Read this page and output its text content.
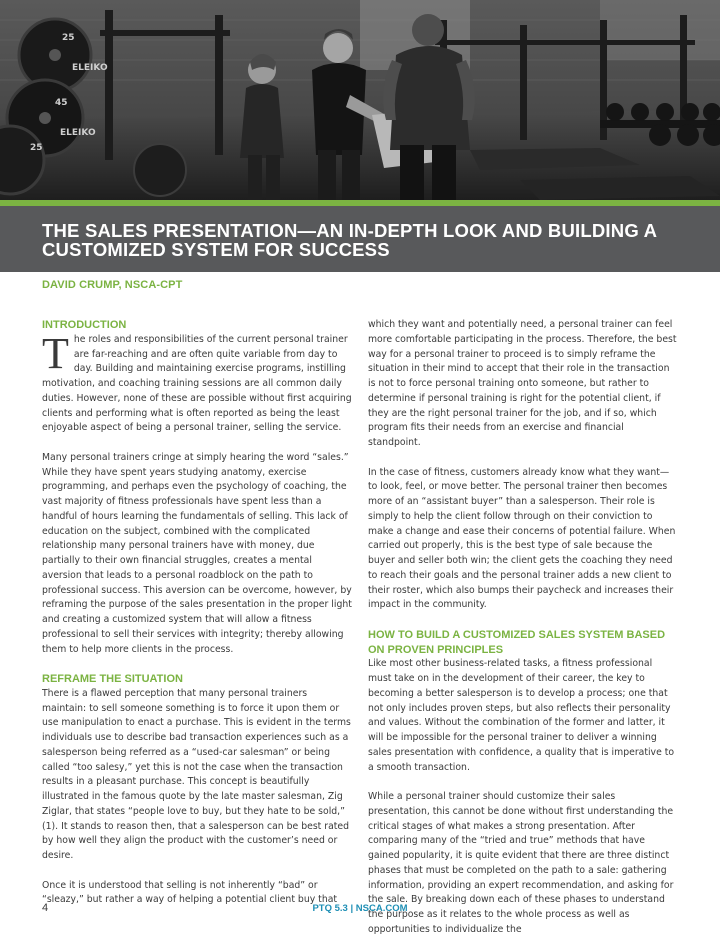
25
45
25
ELEIKO
ELEIKO
THE SALES PRESENTATION—AN IN-DEPTH LOOK AND BUILDING A CUSTOMIZED SYSTEM FOR SUCCESS
DAVID CRUMP, NSCA-CPT
INTRODUCTION

The roles and responsibilities of the current personal trainer are far-reaching and are often quite variable from day to day. Building and maintaining exercise programs, instilling motivation, and coaching training sessions are all common daily duties. However, none of these are possible without first acquiring clients and performing what is often reported as being the least enjoyable aspect of being a personal trainer, selling the service.

Many personal trainers cringe at simply hearing the word “sales.” While they have spent years studying anatomy, exercise programming, and perhaps even the psychology of coaching, the vast majority of fitness professionals have spent less than a handful of hours learning the fundamentals of selling. This lack of education on the subject, combined with the complicated relationship many personal trainers have with money, due partially to their own financial struggles, creates a mental aversion that leads to a personal roadblock on the path to professional success. This aversion can be overcome, however, by reframing the purpose of the sales presentation in the proper light and creating a customized system that will allow a fitness professional to sell their services with integrity; thereby allowing them to help more clients in the process.

REFRAME THE SITUATION

There is a flawed perception that many personal trainers maintain: to sell someone something is to force it upon them or use manipulation to enact a purchase. This is evident in the terms individuals use to describe bad transaction experiences such as a salesperson being referred as a “used-car salesman” or being called “too salesy,” yet this is not the case when the transaction results in a pleasant purchase. This concept is beautifully illustrated in the famous quote by the late master salesman, Zig Ziglar, that states “people love to buy, but they hate to be sold,” (1). It stands to reason then, that a salesperson can be best rated by how well they align the product with the customer’s need or desire.

Once it is understood that selling is not inherently “bad” or “sleazy,” but rather a way of helping a potential client buy that

which they want and potentially need, a personal trainer can feel more comfortable participating in the process. Therefore, the best way for a personal trainer to proceed is to simply reframe the situation in their mind to accept that their role in the transaction is not to force personal training onto someone, but rather to determine if personal training is right for the potential client, if they are the right personal trainer for the job, and if so, which program fits their needs from an exercise and financial standpoint.

In the case of fitness, customers already know what they want—to look, feel, or move better. The personal trainer then becomes more of an “assistant buyer” than a salesperson. Their role is simply to help the client follow through on their conviction to make a change and ease their concerns of potential failure. When carried out properly, this is the best type of sale because the buyer and seller both win; the client gets the coaching they need to reach their goals and the personal trainer adds a new client to their roster, which also bumps their paycheck and increases their impact in the community.

HOW TO BUILD A CUSTOMIZED SALES SYSTEM BASED ON PROVEN PRINCIPLES

Like most other business-related tasks, a fitness professional must take on in the development of their career, the key to becoming a better salesperson is to develop a process; one that not only includes proven steps, but also reflects their personality and values. Without the combination of the former and latter, it will be impossible for the personal trainer to deliver a winning sales presentation with confidence, a quality that is imperative to a smooth transaction.

While a personal trainer should customize their sales presentation, this cannot be done without first understanding the critical stages of what makes a strong presentation. After comparing many of the “tried and true” methods that have gained popularity, it is quite evident that there are three distinct phases that must be completed on the path to a sale: gathering information, providing an expert recommendation, and asking for the sale. By breaking down each of these phases to understand the purpose as it relates to the whole process as well as opportunities to individualize the

4	PTQ 5.3 | NSCA.COM
